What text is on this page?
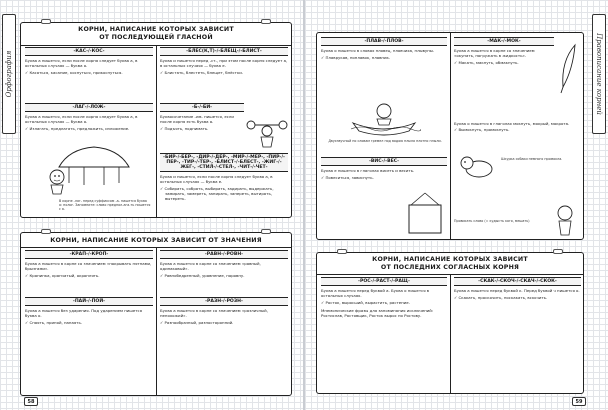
Орфография	Правописание корней
КОРНИ, НАПИСАНИЕ КОТОРЫХ ЗАВИСИТ
ОТ ПОСЛЕДУЮЩЕЙ ГЛАСНОЙ
-КАС-/-КОС-

Буква а пишется, если после корня следует буква а, в остальных случаях — буква о.

✓ Касаться, касание, коснуться, прикоснуться.

-ЛАГ-/-ЛОЖ-

Буква а пишется, если после корня следует буква а, в остальных случаях — буква о.

✓ Излагать, предлагать, предложить, изложение.

В корне -лаг- перед суффиксом -а- пишется буква о: полог. Запомните: слово предпол-ага-ть пишется с а.
-БЛЕС(К,Т)-/-БЛЕЩ-/-БЛИСТ-

Буква и пишется перед -ст-, при этом после корня следует а, в остальных случаях — буква е.

✓ Блистать, блестеть, блещет, блёстки.

-Б-/-БИ-

Буквосочетание -им- пишется, если после корня есть буква а.

✓ Подъять, поднимать.

-БИР-/-БЕР-, -ДИР-/-ДЕР-, -МИР-/-МЕР-, -ПИР-/-ПЕР-, -ТИР-/-ТЕР-, -БЛИСТ-/-БЛЕСТ-, -ЖИГ-/-ЖЕГ-, -СТИЛ-/-СТЕЛ-, -ЧИТ-/-ЧЕТ-

Буква и пишется, если после корня следует буква а, в остальных случаях — буква е.

✓ Собирать, собрать, выбирать, задирать, выдержать, замирать, замереть, запирать, запереть, вытирать, вытереть.

КОРНИ, НАПИСАНИЕ КОТОРЫХ ЗАВИСИТ ОТ ЗНАЧЕНИЯ
-КРАП-/-КРОП-

Буква а пишется в корне со значением «покрывать пятнами, брызгами».

✓ Крапинка, крапчатый, окроплять.

-ПАЙ-/-ПОЙ-

Буква а пишется без ударения. Под ударением пишется буква о.

✓ Спаять, припой, напаять.

-РАВН-/-РОВН-

Буква а пишется в корне со значением «равный, одинаковый».

✓ Равнобедренный, уравнение, поровну.

-РАЗН-/-РОЗН-

Буква а пишется в корне со значением «различный, непохожий».

✓ Разнообразный, разносторонний.

58
-ПЛАВ-/-ПЛОВ-

Буква о пишется в словах пловец, пловчиха, плывуны.

✓ Плаврукав, поплавок, плавник.

Двухзвучный по словам гремел под водою плыла плотно плыли.
-ВИС-/-ВЕС-

Буква е пишется в глаголах висеть и весить.

✓ Повеситься, зависнуть.

-МАК-/-МОК-

Буква а пишется в корне со значением «окунать, погружать в жидкость».

✓ Макать, макнуть, обмакнуть.

Буква о пишется в глаголах мокнуть, мокрый, мокрота.

✓ Вымокнуть, промокнуть.

Шкурка собаки немного промокла.
Провисать слово (= кудысть кого, мешать)
КОРНИ, НАПИСАНИЕ КОТОРЫХ ЗАВИСИТ
ОТ ПОСЛЕДНИХ СОГЛАСНЫХ КОРНЯ
-РОС-/-РАСТ-/-РАЩ-

Буква а пишется перед буквой а. Буква о пишется в остальных случаях.

✓ Росток, выросший, вырастить, растение.

Мнемонические фразы для запоминания исключений: Ростислав, Ростовщик, Росток вырос по Ростову.

-СКАК-/-СКОЧ-/-СКАЧ-/-СКОК-

Буква а пишется перед буквой к. Перед буквой ч пишется о.

✓ Скакать, проскочить, поскакать, вскочить.

59
